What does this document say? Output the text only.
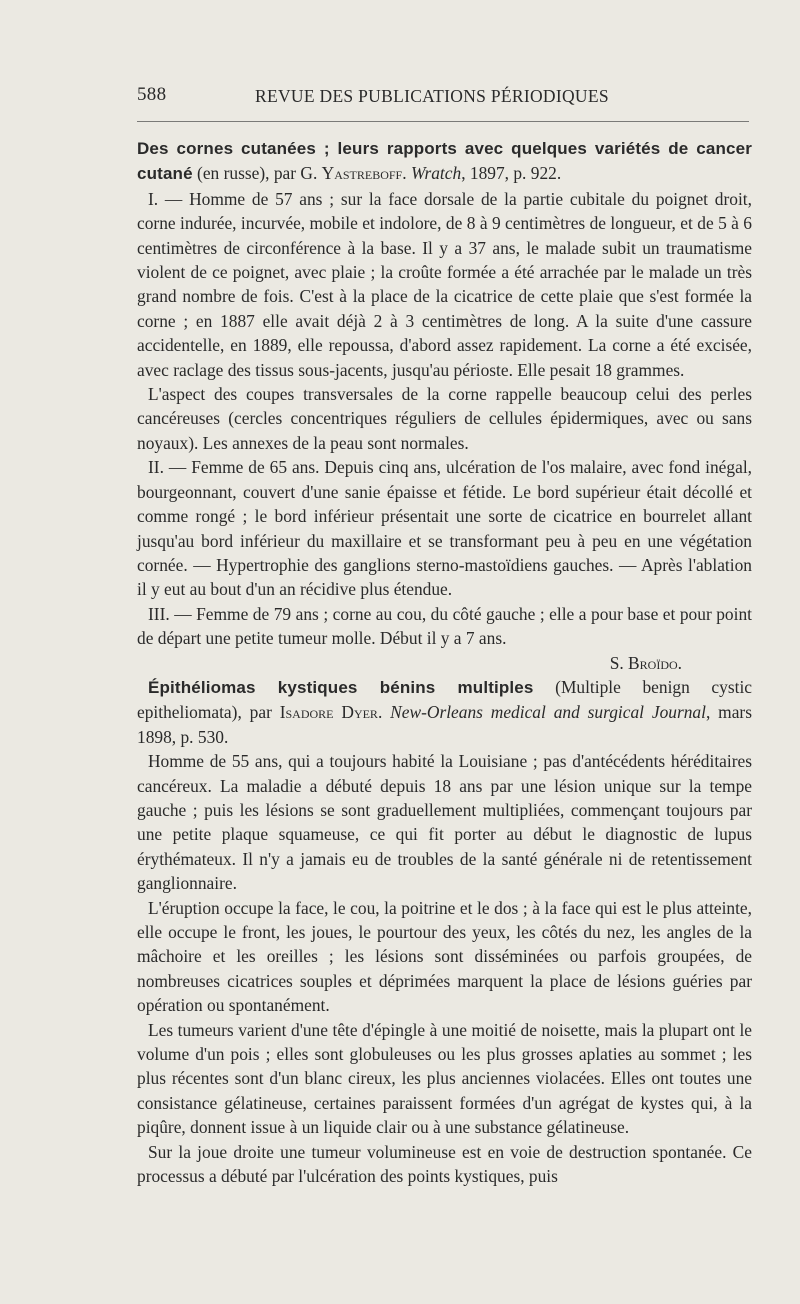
588	REVUE DES PUBLICATIONS PÉRIODIQUES

Des cornes cutanées ; leurs rapports avec quelques variétés de cancer cutané (en russe), par G. Yastreboff. Wratch, 1897, p. 922.

I. — Homme de 57 ans ; sur la face dorsale de la partie cubitale du poignet droit, corne indurée, incurvée, mobile et indolore, de 8 à 9 centimètres de longueur, et de 5 à 6 centimètres de circonférence à la base. Il y a 37 ans, le malade subit un traumatisme violent de ce poignet, avec plaie ; la croûte formée a été arrachée par le malade un très grand nombre de fois. C'est à la place de la cicatrice de cette plaie que s'est formée la corne ; en 1887 elle avait déjà 2 à 3 centimètres de long. A la suite d'une cassure accidentelle, en 1889, elle repoussa, d'abord assez rapidement. La corne a été excisée, avec raclage des tissus sous-jacents, jusqu'au périoste. Elle pesait 18 grammes.

L'aspect des coupes transversales de la corne rappelle beaucoup celui des perles cancéreuses (cercles concentriques réguliers de cellules épidermiques, avec ou sans noyaux). Les annexes de la peau sont normales.

II. — Femme de 65 ans. Depuis cinq ans, ulcération de l'os malaire, avec fond inégal, bourgeonnant, couvert d'une sanie épaisse et fétide. Le bord supérieur était décollé et comme rongé ; le bord inférieur présentait une sorte de cicatrice en bourrelet allant jusqu'au bord inférieur du maxillaire et se transformant peu à peu en une végétation cornée. — Hypertrophie des ganglions sterno-mastoïdiens gauches. — Après l'ablation il y eut au bout d'un an récidive plus étendue.

III. — Femme de 79 ans ; corne au cou, du côté gauche ; elle a pour base et pour point de départ une petite tumeur molle. Début il y a 7 ans.

S. Broïdo.

Épithéliomas kystiques bénins multiples (Multiple benign cystic epitheliomata), par Isadore Dyer. New-Orleans medical and surgical Journal, mars 1898, p. 530.

Homme de 55 ans, qui a toujours habité la Louisiane ; pas d'antécédents héréditaires cancéreux. La maladie a débuté depuis 18 ans par une lésion unique sur la tempe gauche ; puis les lésions se sont graduellement multipliées, commençant toujours par une petite plaque squameuse, ce qui fit porter au début le diagnostic de lupus érythémateux. Il n'y a jamais eu de troubles de la santé générale ni de retentissement ganglionnaire.

L'éruption occupe la face, le cou, la poitrine et le dos ; à la face qui est le plus atteinte, elle occupe le front, les joues, le pourtour des yeux, les côtés du nez, les angles de la mâchoire et les oreilles ; les lésions sont disséminées ou parfois groupées, de nombreuses cicatrices souples et déprimées marquent la place de lésions guéries par opération ou spontanément.

Les tumeurs varient d'une tête d'épingle à une moitié de noisette, mais la plupart ont le volume d'un pois ; elles sont globuleuses ou les plus grosses aplaties au sommet ; les plus récentes sont d'un blanc cireux, les plus anciennes violacées. Elles ont toutes une consistance gélatineuse, certaines paraissent formées d'un agrégat de kystes qui, à la piqûre, donnent issue à un liquide clair ou à une substance gélatineuse.

Sur la joue droite une tumeur volumineuse est en voie de destruction spontanée. Ce processus a débuté par l'ulcération des points kystiques, puis
